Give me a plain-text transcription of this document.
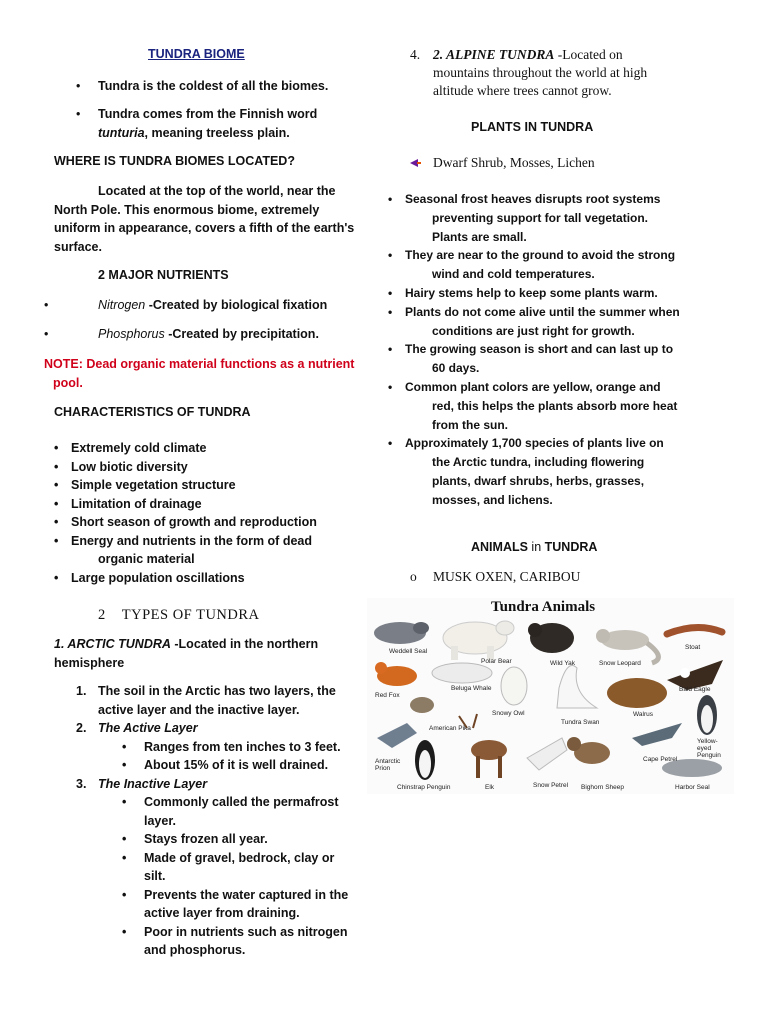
TUNDRA BIOME
• Tundra is the coldest of all the biomes.
• Tundra comes from the Finnish word
tunturia, meaning treeless plain.
WHERE IS TUNDRA BIOMES LOCATED?
Located at the top of the world, near the
North Pole. This enormous biome, extremely
uniform in appearance, covers a fifth of the earth's
surface.
2 MAJOR NUTRIENTS
•	Nitrogen -Created by biological fixation
•	Phosphorus -Created by precipitation.
NOTE: Dead organic material functions as a nutrient
pool.
CHARACTERISTICS OF TUNDRA
• Extremely cold climate
• Low biotic diversity
• Simple vegetation structure
• Limitation of drainage
• Short season of growth and reproduction
• Energy and nutrients in the form of dead
organic material
• Large population oscillations
2 TYPES OF TUNDRA
1. ARCTIC TUNDRA -Located in the northern
hemisphere
1. The soil in the Arctic has two layers, the
active layer and the inactive layer.
2. The Active Layer
• Ranges from ten inches to 3 feet.
• About 15% of it is well drained.
3. The Inactive Layer
• Commonly called the permafrost
layer.
• Stays frozen all year.
• Made of gravel, bedrock, clay or
silt.
• Prevents the water captured in the
active layer from draining.
• Poor in nutrients such as nitrogen
and phosphorus.
4. 2. ALPINE TUNDRA -Located on
mountains throughout the world at high
altitude where trees cannot grow.
PLANTS IN TUNDRA
Dwarf Shrub, Mosses, Lichen
• Seasonal frost heaves disrupts root systems
preventing support for tall vegetation.
Plants are small.
• They are near to the ground to avoid the strong
wind and cold temperatures.
• Hairy stems help to keep some plants warm.
• Plants do not come alive until the summer when
conditions are just right for growth.
• The growing season is short and can last up to
60 days.
• Common plant colors are yellow, orange and
red, this helps the plants absorb more heat
from the sun.
• Approximately 1,700 species of plants live on
the Arctic tundra, including flowering
plants, dwarf shrubs, herbs, grasses,
mosses, and lichens.
ANIMALS in TUNDRA
o MUSK OXEN, CARIBOU
Tundra Animals
Weddell Seal
Polar Bear	Wild Yak	Snow Leopard
Stoat
Red Fox
Beluga Whale
Snowy Owl
Bald Eagle
American Pika
Tundra Swan
Walrus
Yellow-eyed Penguin
Antarctic Prion
Cape Petrel
Chinstrap Penguin	Elk	Snow Petrel Bighorn Sheep	Harbor Seal
